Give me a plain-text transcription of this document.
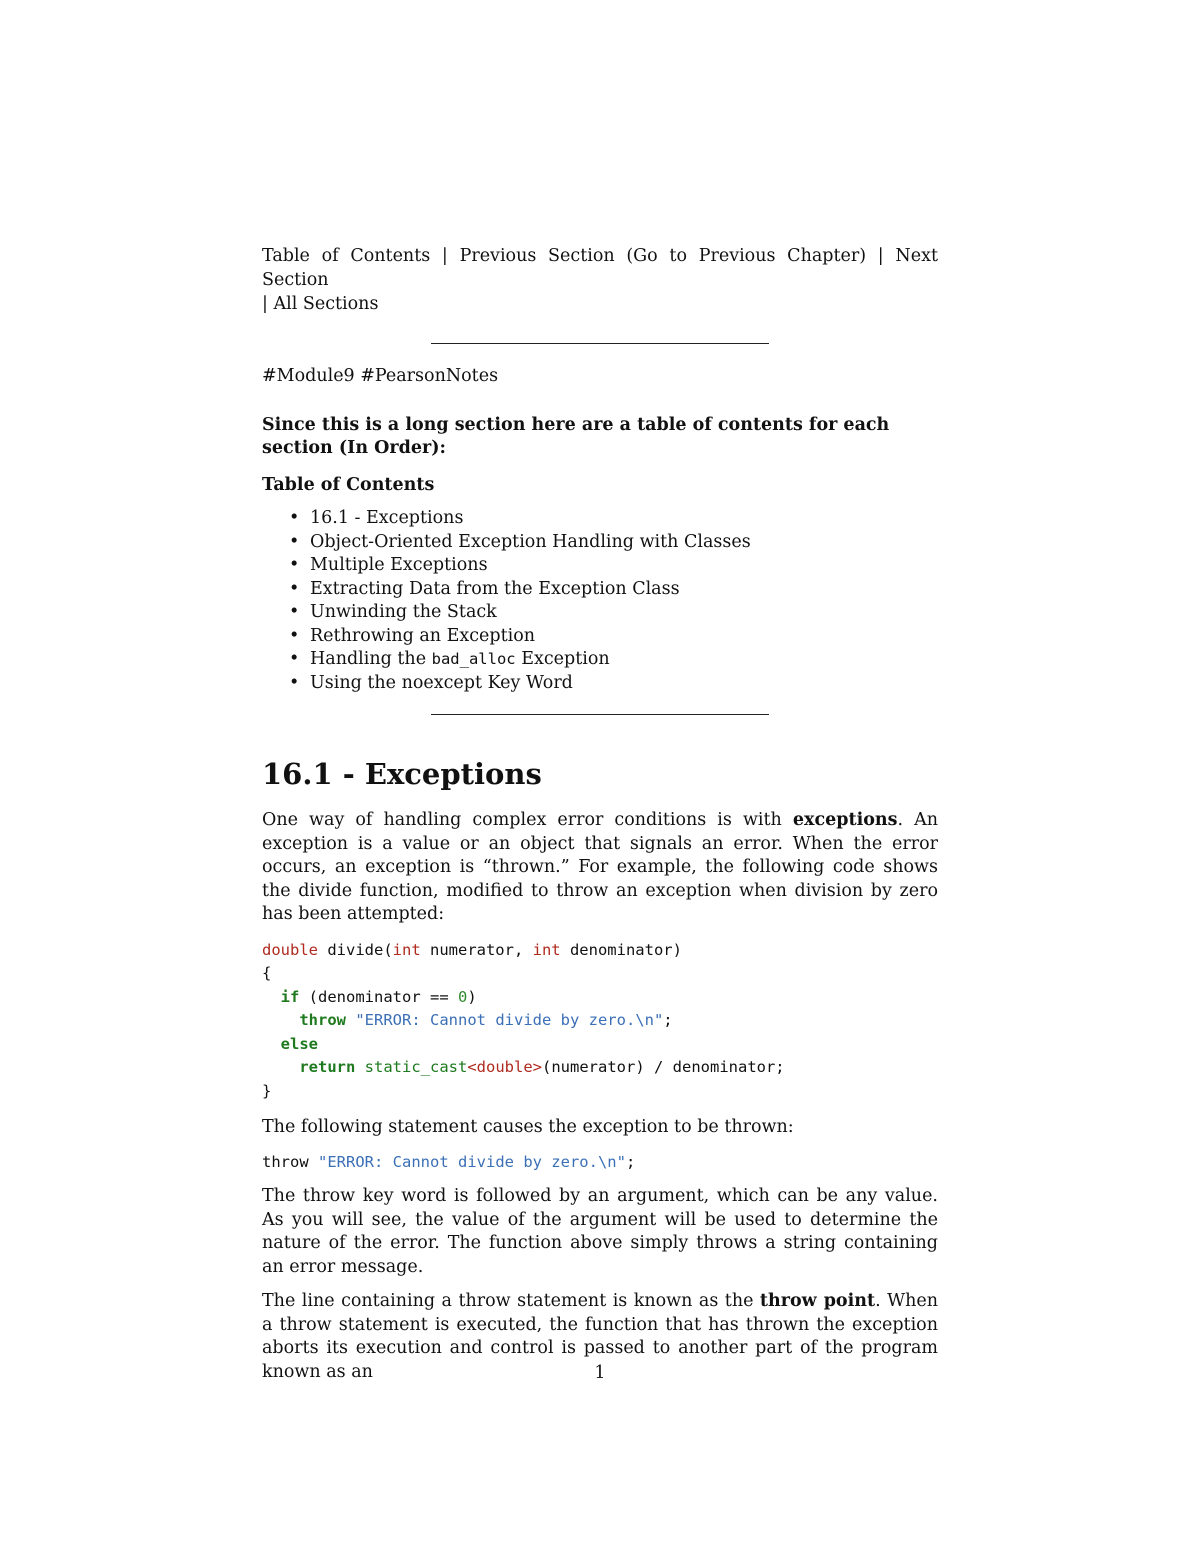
Table of Contents | Previous Section (Go to Previous Chapter) | Next Section
| All Sections

#Module9 #PearsonNotes
Since this is a long section here are a table of contents for each section (In Order):
Table of Contents
• 16.1 - Exceptions
• Object-Oriented Exception Handling with Classes
• Multiple Exceptions
• Extracting Data from the Exception Class
• Unwinding the Stack
• Rethrowing an Exception
• Handling the bad_alloc Exception
• Using the noexcept Key Word
16.1 - Exceptions

One way of handling complex error conditions is with exceptions. An exception is a value or an object that signals an error. When the error occurs, an exception is “thrown.” For example, the following code shows the divide function, modified to throw an exception when division by zero has been attempted:

double divide(int numerator, int denominator)
{
if (denominator == 0)
throw "ERROR: Cannot divide by zero.\n";
else
return static_cast<double>(numerator) / denominator;
}

The following statement causes the exception to be thrown:

throw "ERROR: Cannot divide by zero.\n";

The throw key word is followed by an argument, which can be any value. As you will see, the value of the argument will be used to determine the nature of the error. The function above simply throws a string containing an error message.

The line containing a throw statement is known as the throw point. When a throw statement is executed, the function that has thrown the exception aborts its execution and control is passed to another part of the program known as an	1
